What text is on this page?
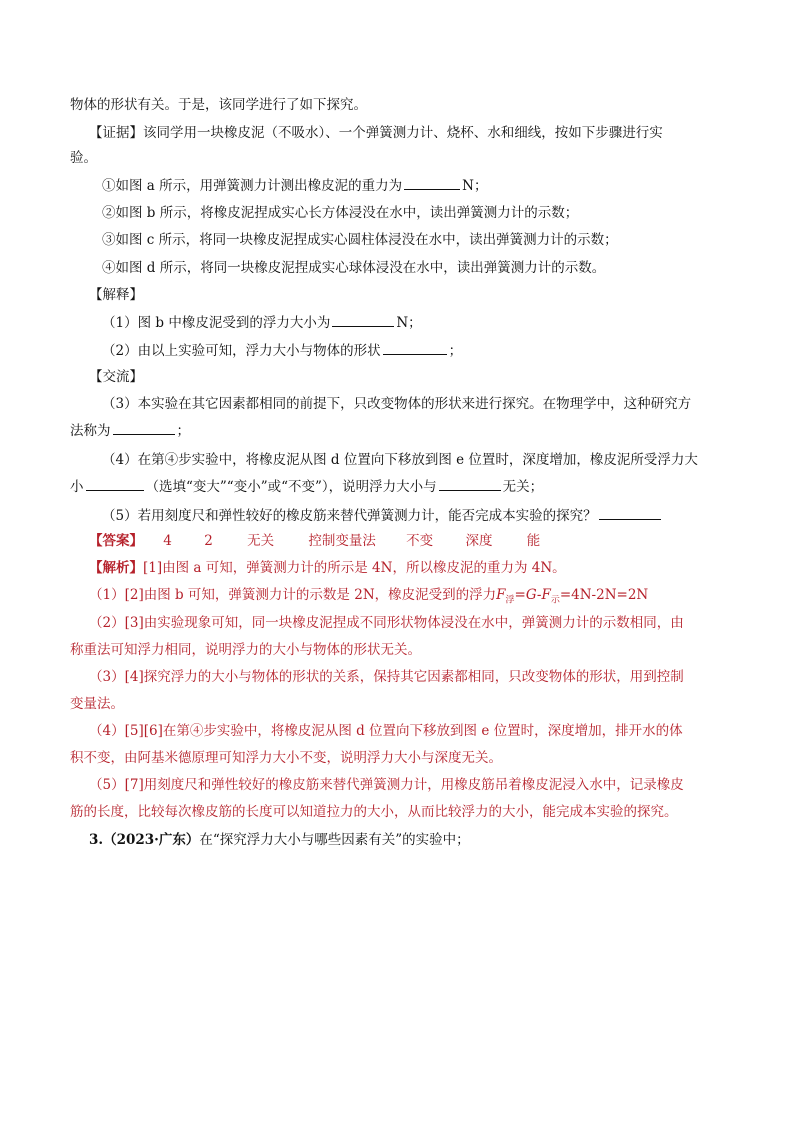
物体的形状有关。于是，该同学进行了如下探究。
【证据】该同学用一块橡皮泥（不吸水）、一个弹簧测力计、烧杯、水和细线，按如下步骤进行实
验。
①如图 a 所示，用弹簧测力计测出橡皮泥的重力为	N；
②如图 b 所示，将橡皮泥捏成实心长方体浸没在水中，读出弹簧测力计的示数；
③如图 c 所示，将同一块橡皮泥捏成实心圆柱体浸没在水中，读出弹簧测力计的示数；
④如图 d 所示，将同一块橡皮泥捏成实心球体浸没在水中，读出弹簧测力计的示数。
【解释】
（1）图 b 中橡皮泥受到的浮力大小为	N；
（2）由以上实验可知，浮力大小与物体的形状	；
【交流】
（3）本实验在其它因素都相同的前提下，只改变物体的形状来进行探究。在物理学中，这种研究方
法称为	；
（4）在第④步实验中，将橡皮泥从图 d 位置向下移放到图 e 位置时，深度增加，橡皮泥所受浮力大
小	（选填“变大”“变小”或“不变”），说明浮力大小与	无关；
（5）若用刻度尺和弹性较好的橡皮筋来替代弹簧测力计，能否完成本实验的探究？
【答案】 4 2	无关	控制变量法 不变 深度	能
【解析】[1]由图 a 可知，弹簧测力计的所示是 4N，所以橡皮泥的重力为 4N。
（1）[2]由图 b 可知，弹簧测力计的示数是 2N，橡皮泥受到的浮力$F_浮=G-F_示=4N-2N=2N$
（2）[3]由实验现象可知，同一块橡皮泥捏成不同形状物体浸没在水中，弹簧测力计的示数相同，由
称重法可知浮力相同，说明浮力的大小与物体的形状无关。
（3）[4]探究浮力的大小与物体的形状的关系，保持其它因素都相同，只改变物体的形状，用到控制
变量法。
（4）[5][6]在第④步实验中，将橡皮泥从图 d 位置向下移放到图 e 位置时，深度增加，排开水的体
积不变，由阿基米德原理可知浮力大小不变，说明浮力大小与深度无关。
（5）[7]用刻度尺和弹性较好的橡皮筋来替代弹簧测力计，用橡皮筋吊着橡皮泥浸入水中，记录橡皮
筋的长度，比较每次橡皮筋的长度可以知道拉力的大小，从而比较浮力的大小，能完成本实验的探究。
3.（2023·广东）在“探究浮力大小与哪些因素有关”的实验中；
